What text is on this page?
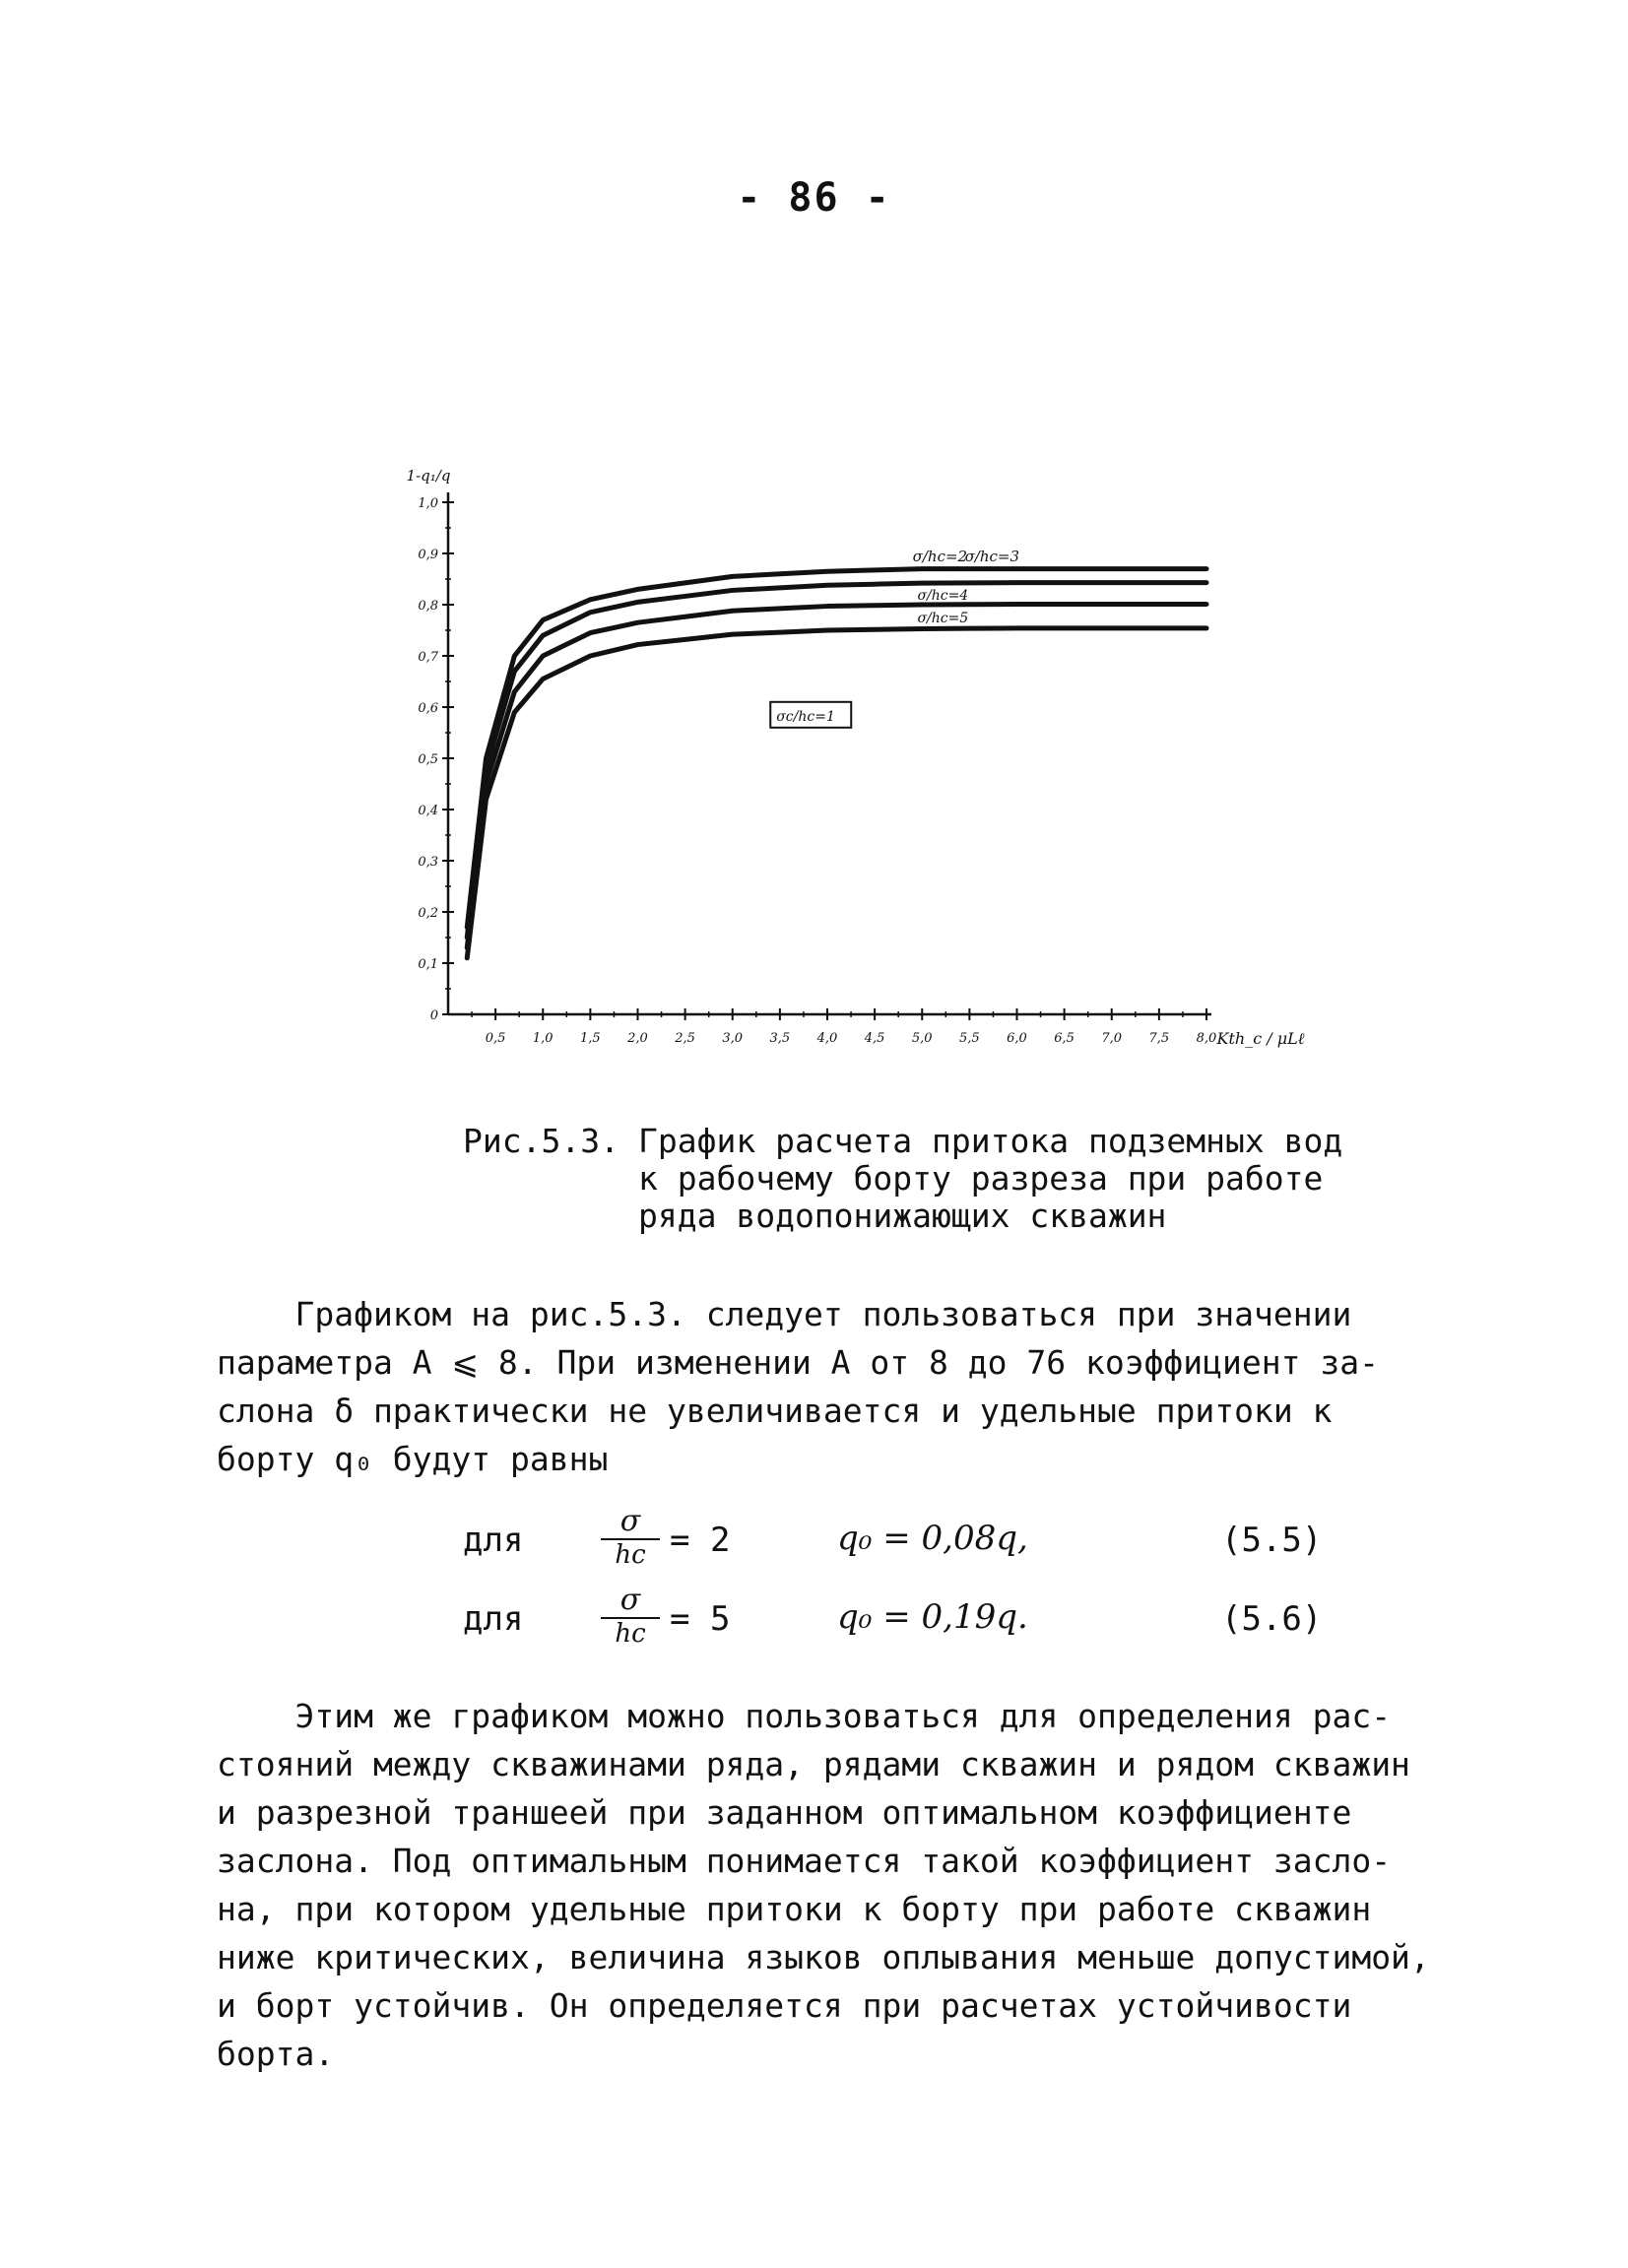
- 86 -
0
0,1
0,2
0,3
0,4
0,5
0,6
0,7
0,8
0,9
1,0
0,5 1,0 1,5 2,0 2,5 3,0 3,5 4,0 4,5 5,0 5,5 6,0 6,5 7,0 7,5 8,0
1-q₁/q
Kth_c / μLℓ
σ/hc=2
σ/hc=3
σ/hc=4
σ/hc=5
σc/hc=1
Рис.5.3. График расчета притока подземных вод
к рабочему борту разреза при работе
ряда водопонижающих скважин
Графиком на рис.5.3. следует пользоваться при значении
параметра А ⩽ 8. При изменении А от 8 до 76 коэффициент за-
слона δ практически не увеличивается и удельные притоки к
борту q₀ будут равны
для	$\frac{\sigma}{hc} = 2$	q₀ = 0,08q,	(5.5)
для	$\frac{\sigma}{hc} = 5$	q₀ = 0,19q.	(5.6)
Этим же графиком можно пользоваться для определения рас-
стояний между скважинами ряда, рядами скважин и рядом скважин
и разрезной траншеей при заданном оптимальном коэффициенте
заслона. Под оптимальным понимается такой коэффициент засло-
на, при котором удельные притоки к борту при работе скважин
ниже критических, величина языков оплывания меньше допустимой,
и борт устойчив. Он определяется при расчетах устойчивости
борта.
